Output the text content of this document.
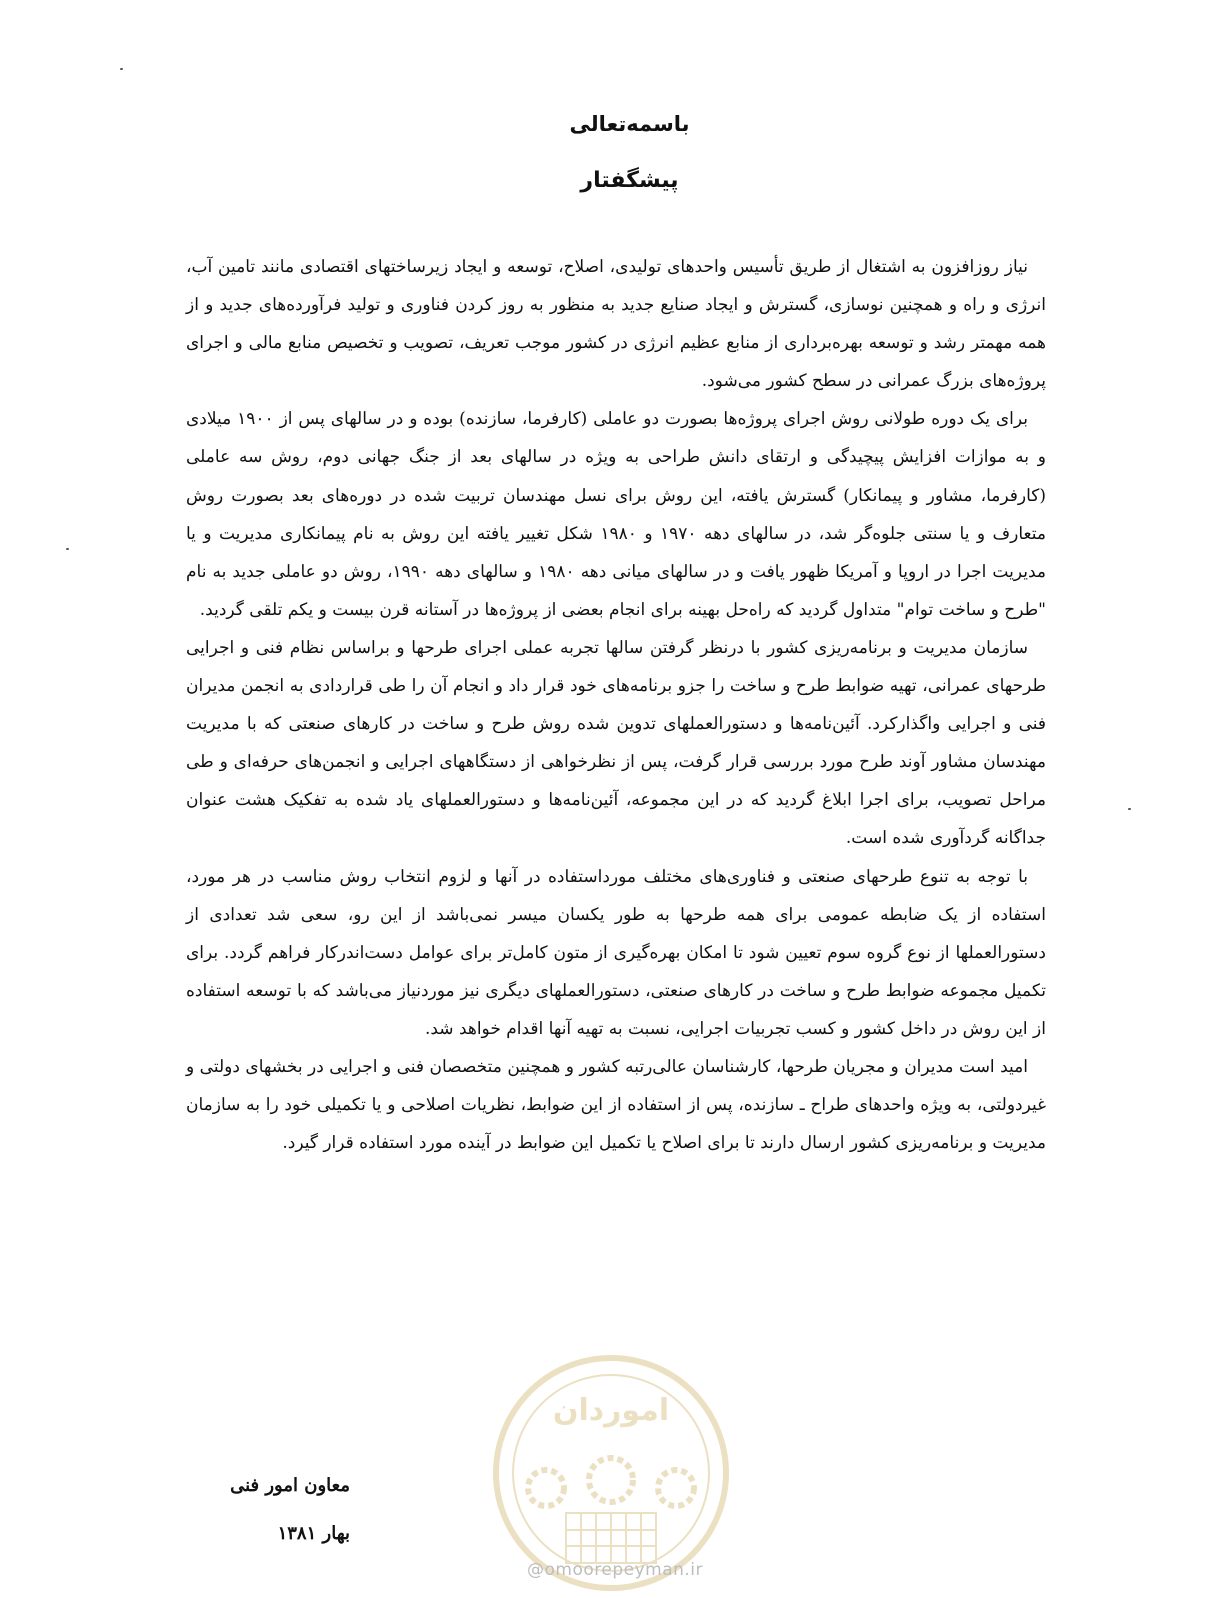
باسمه‌تعالی
پیشگفتار

نیاز روزافزون به اشتغال از طریق تأسیس واحدهای تولیدی، اصلاح، توسعه و ایجاد زیرساختهای اقتصادی مانند تامین آب، انرژی و راه و همچنین نوسازی، گسترش و ایجاد صنایع جدید به منظور به روز کردن فناوری و تولید فرآورده‌های جدید و از همه مهمتر رشد و توسعه بهره‌برداری از منابع عظیم انرژی در کشور موجب تعریف، تصویب و تخصیص منابع مالی و اجرای پروژه‌های بزرگ عمرانی در سطح کشور می‌شود.

برای یک دوره طولانی روش اجرای پروژه‌ها بصورت دو عاملی (کارفرما، سازنده) بوده و در سالهای پس از ۱۹۰۰ میلادی و به موازات افزایش پیچیدگی و ارتقای دانش طراحی به ویژه در سالهای بعد از جنگ جهانی دوم، روش سه عاملی (کارفرما، مشاور و پیمانکار) گسترش یافته، این روش برای نسل مهندسان تربیت شده در دوره‌های بعد بصورت روش متعارف و یا سنتی جلوه‌گر شد، در سالهای دهه ۱۹۷۰ و ۱۹۸۰ شکل تغییر یافته این روش به نام پیمانکاری مدیریت و یا مدیریت اجرا در اروپا و آمریکا ظهور یافت و در سالهای میانی دهه ۱۹۸۰ و سالهای دهه ۱۹۹۰، روش دو عاملی جدید به نام "طرح و ساخت توام" متداول گردید که راه‌حل بهینه برای انجام بعضی از پروژه‌ها در آستانه قرن بیست و یکم تلقی گردید.

سازمان مدیریت و برنامه‌ریزی کشور با درنظر گرفتن سالها تجربه عملی اجرای طرحها و براساس نظام فنی و اجرایی طرحهای عمرانی، تهیه ضوابط طرح و ساخت را جزو برنامه‌های خود قرار داد و انجام آن را طی قراردادی به انجمن مدیران فنی و اجرایی واگذارکرد. آئین‌نامه‌ها و دستورالعملهای تدوین شده روش طرح و ساخت در کارهای صنعتی که با مدیریت مهندسان مشاور آوند طرح مورد بررسی قرار گرفت، پس از نظرخواهی از دستگاههای اجرایی و انجمن‌های حرفه‌ای و طی مراحل تصویب، برای اجرا ابلاغ گردید که در این مجموعه، آئین‌نامه‌ها و دستورالعملهای یاد شده به تفکیک هشت عنوان جداگانه گردآوری شده است.

با توجه به تنوع طرحهای صنعتی و فناوری‌های مختلف مورداستفاده در آنها و لزوم انتخاب روش مناسب در هر مورد، استفاده از یک ضابطه عمومی برای همه طرحها به طور یکسان میسر نمی‌باشد از این رو، سعی شد تعدادی از دستورالعملها از نوع گروه سوم تعیین شود تا امکان بهره‌گیری از متون کامل‌تر برای عوامل دست‌اندرکار فراهم گردد. برای تکمیل مجموعه ضوابط طرح و ساخت در کارهای صنعتی، دستورالعملهای دیگری نیز موردنیاز می‌باشد که با توسعه استفاده از این روش در داخل کشور و کسب تجربیات اجرایی، نسبت به تهیه آنها اقدام خواهد شد.

امید است مدیران و مجریان طرحها، کارشناسان عالی‌رتبه کشور و همچنین متخصصان فنی و اجرایی در بخشهای دولتی و غیردولتی، به ویژه واحدهای طراح ـ سازنده، پس از استفاده از این ضوابط، نظریات اصلاحی و یا تکمیلی خود را به سازمان مدیریت و برنامه‌ریزی کشور ارسال دارند تا برای اصلاح یا تکمیل این ضوابط در آینده مورد استفاده قرار گیرد.

اموردان
معاون امور فنی
بهار ۱۳۸۱
@omoorepeyman.ir
